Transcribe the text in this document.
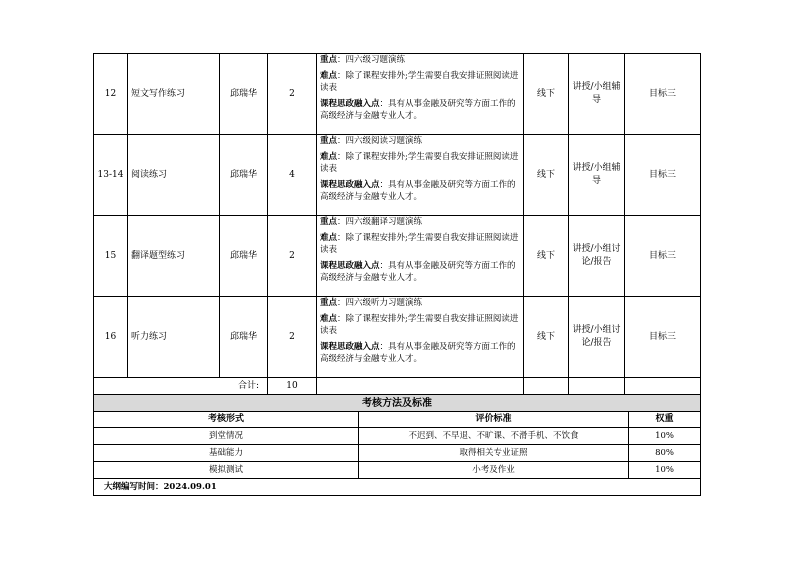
12	短文写作练习	邱瑞华	2	重点：四六级习题演练

难点：除了课程安排外;学生需要自我安排证照阅读进读表

课程思政融入点：具有从事金融及研究等方面工作的高级经济与金融专业人才。	线下	讲授/小组辅导	目标三
13-14	阅读练习	邱瑞华	4	重点：四六级阅读习题演练

难点：除了课程安排外;学生需要自我安排证照阅读进读表

课程思政融入点：具有从事金融及研究等方面工作的高级经济与金融专业人才。	线下	讲授/小组辅导	目标三
15	翻译题型练习	邱瑞华	2	重点：四六级翻译习题演练

难点：除了课程安排外;学生需要自我安排证照阅读进读表

课程思政融入点：具有从事金融及研究等方面工作的高级经济与金融专业人才。	线下	讲授/小组讨论/报告	目标三
16	听力练习	邱瑞华	2	重点：四六级听力习题演练

难点：除了课程安排外;学生需要自我安排证照阅读进读表

课程思政融入点：具有从事金融及研究等方面工作的高级经济与金融专业人才。	线下	讲授/小组讨论/报告	目标三
		合计:	10				
考核方法及标准		
考核形式	评价标准	权重
到堂情况	不迟到、不早退、不旷课、不滑手机、不饮食	10%
基础能力	取得相关专业证照	80%
模拟测试	小考及作业	10%
大纲编写时间：2024.09.01		
